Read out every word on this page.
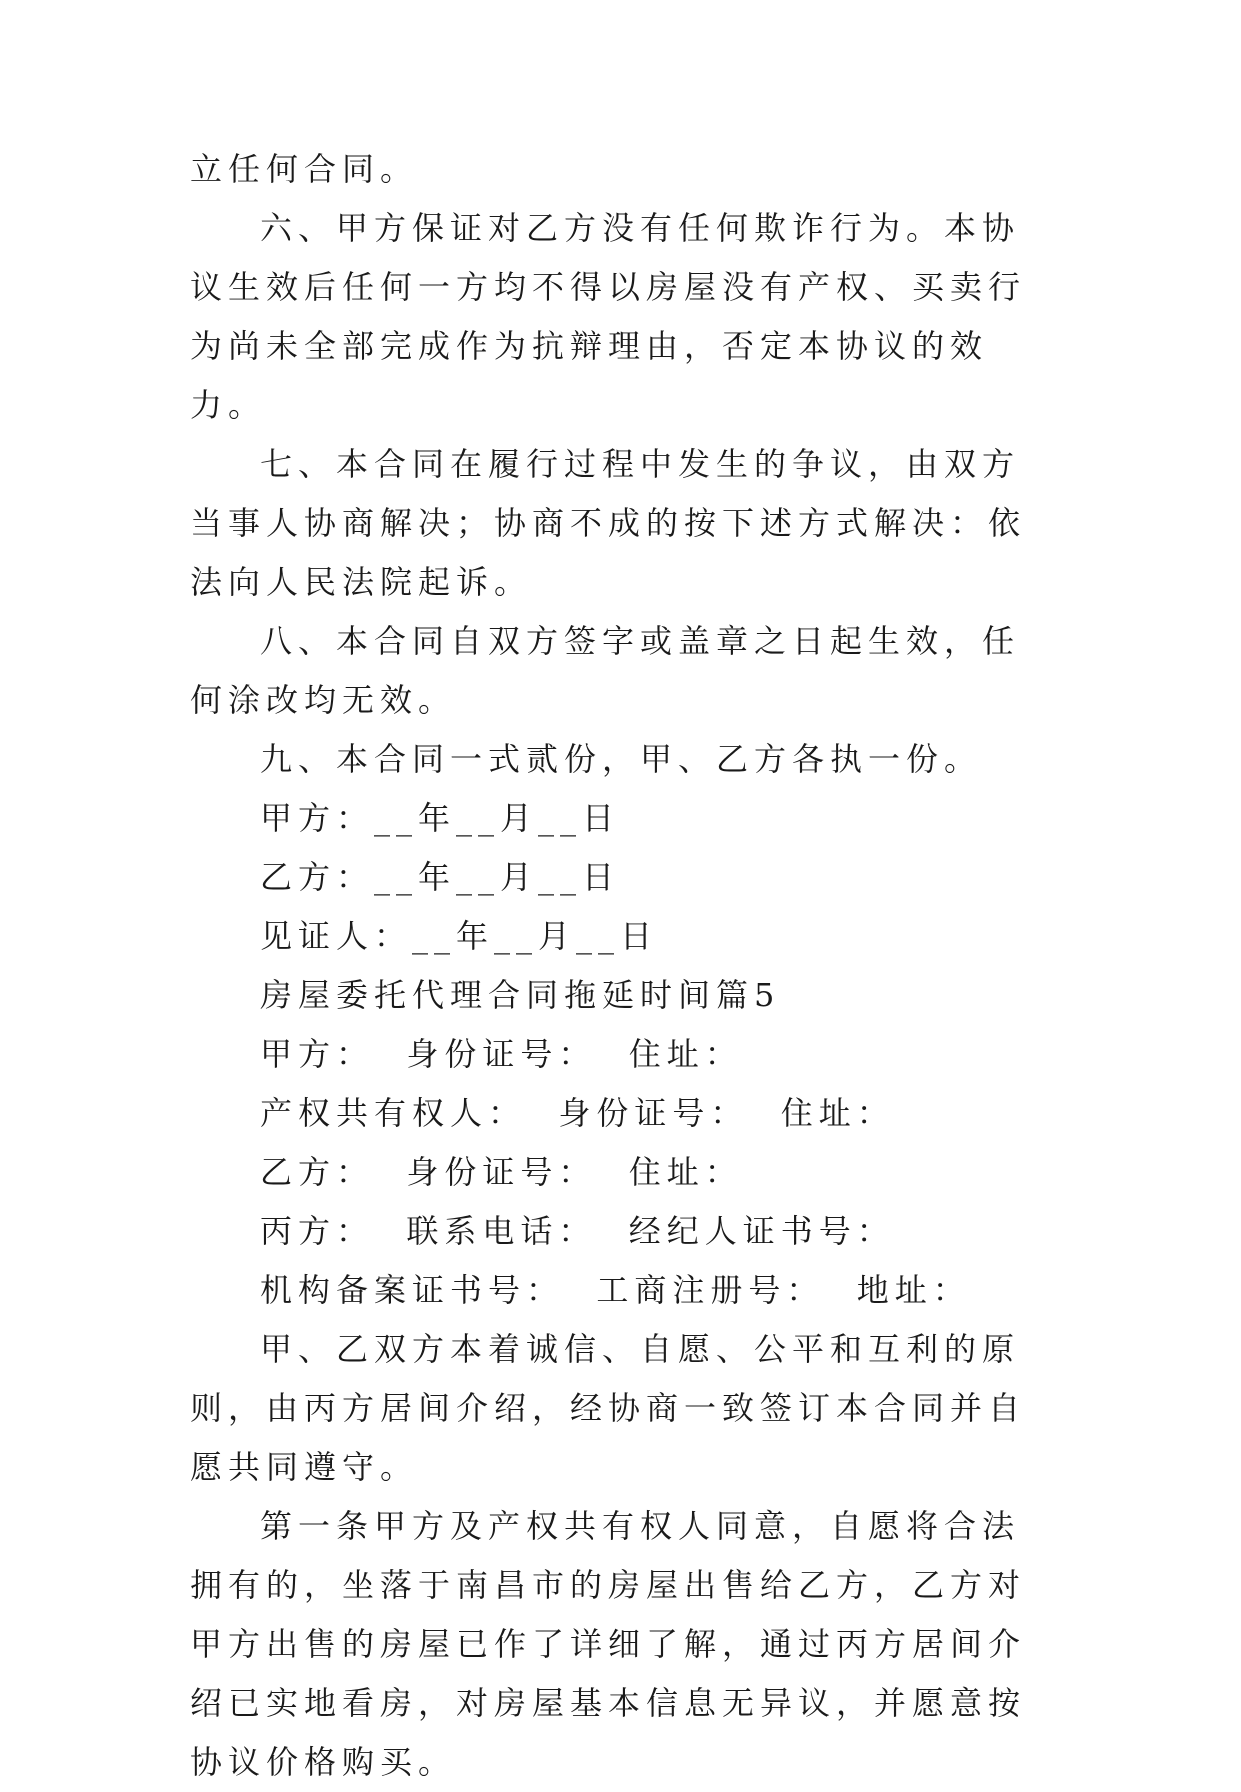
立任何合同。

六、甲方保证对乙方没有任何欺诈行为。本协议生效后任何一方均不得以房屋没有产权、买卖行为尚未全部完成作为抗辩理由，否定本协议的效力。

七、本合同在履行过程中发生的争议，由双方当事人协商解决；协商不成的按下述方式解决：依法向人民法院起诉。

八、本合同自双方签字或盖章之日起生效，任何涂改均无效。

九、本合同一式贰份，甲、乙方各执一份。

甲方：__年__月__日

乙方：__年__月__日

见证人：__年__月__日

房屋委托代理合同拖延时间篇5

甲方：  身份证号：  住址：

产权共有权人：  身份证号：  住址：

乙方：  身份证号：  住址：

丙方：  联系电话：  经纪人证书号：

机构备案证书号：  工商注册号：  地址：

甲、乙双方本着诚信、自愿、公平和互利的原则，由丙方居间介绍，经协商一致签订本合同并自愿共同遵守。

第一条甲方及产权共有权人同意，自愿将合法拥有的，坐落于南昌市的房屋出售给乙方，乙方对甲方出售的房屋已作了详细了解，通过丙方居间介绍已实地看房，对房屋基本信息无异议，并愿意按协议价格购买。
